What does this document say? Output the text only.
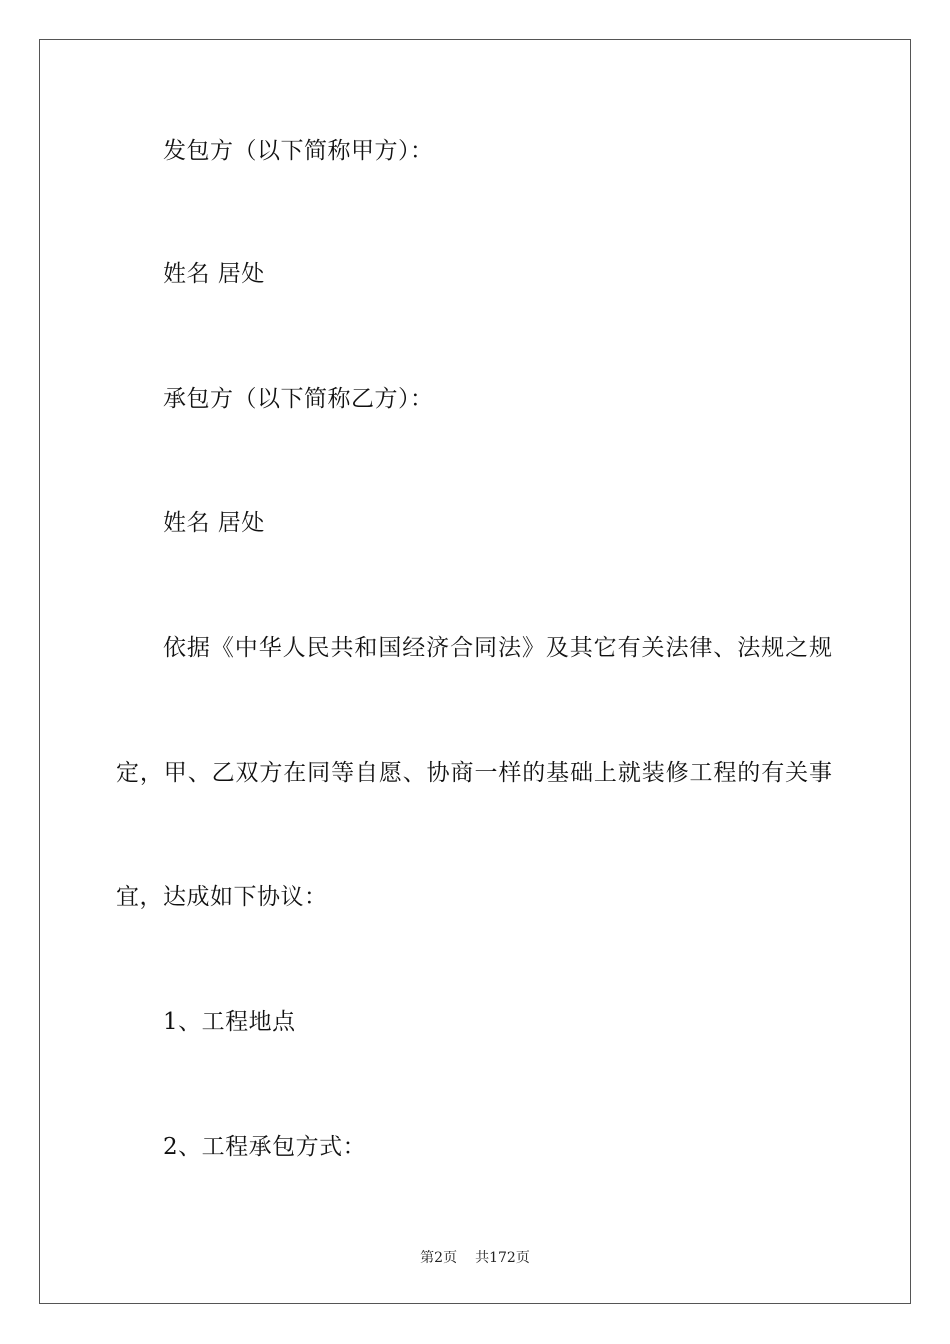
发包方（以下简称甲方）：
姓名 居处
承包方（以下简称乙方）：
姓名 居处
依据《中华人民共和国经济合同法》及其它有关法律、法规之规
定，甲、乙双方在同等自愿、协商一样的基础上就装修工程的有关事
宜，达成如下协议：
1、工程地点
2、工程承包方式：
第2页 共172页
